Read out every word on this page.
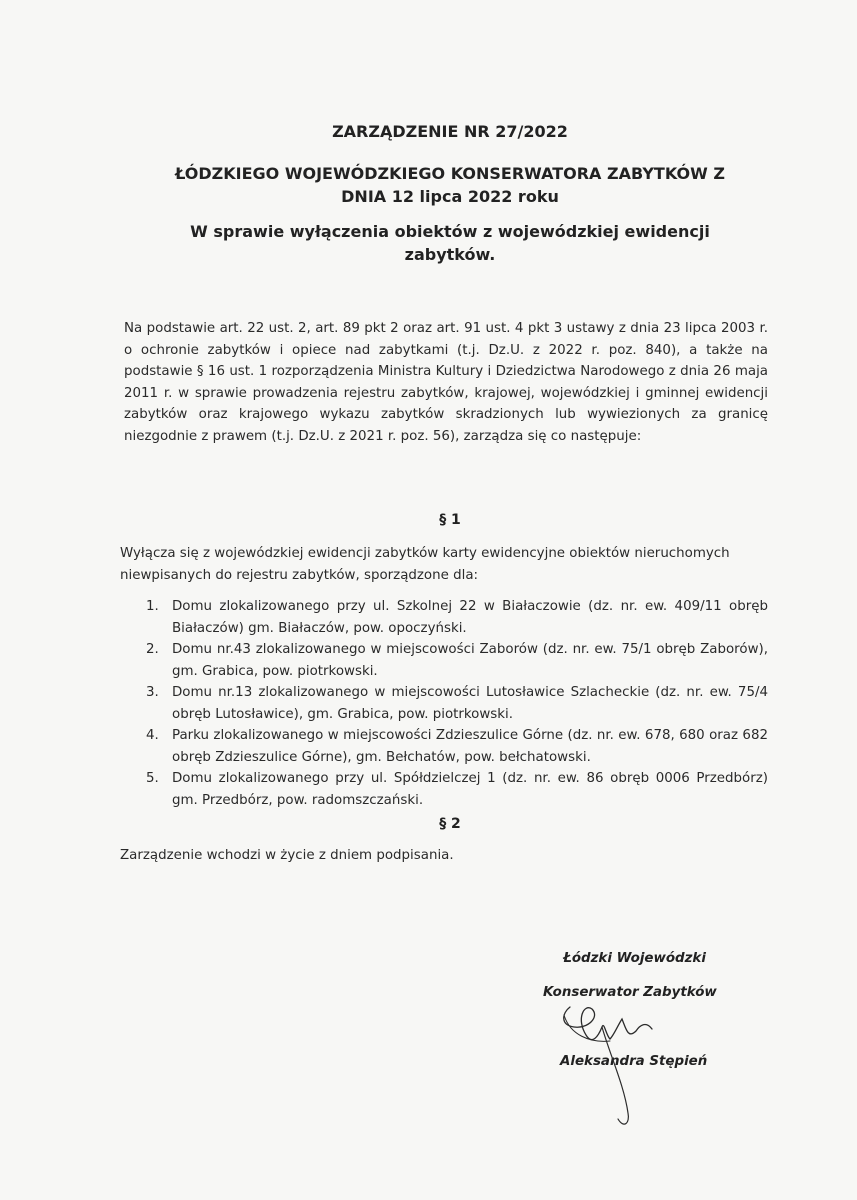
ZARZĄDZENIE NR 27/2022
ŁÓDZKIEGO WOJEWÓDZKIEGO KONSERWATORA ZABYTKÓW Z
DNIA 12 lipca 2022 roku
W sprawie wyłączenia obiektów z wojewódzkiej ewidencji
zabytków.
Na podstawie art. 22 ust. 2, art. 89 pkt 2 oraz art. 91 ust. 4 pkt 3 ustawy z dnia 23 lipca 2003 r. o ochronie zabytków i opiece nad zabytkami (t.j. Dz.U. z 2022 r. poz. 840), a także na podstawie § 16 ust. 1 rozporządzenia Ministra Kultury i Dziedzictwa Narodowego z dnia 26 maja 2011 r. w sprawie prowadzenia rejestru zabytków, krajowej, wojewódzkiej i gminnej ewidencji zabytków oraz krajowego wykazu zabytków skradzionych lub wywiezionych za granicę niezgodnie z prawem (t.j. Dz.U. z 2021 r. poz. 56), zarządza się co następuje:
§ 1
Wyłącza się z wojewódzkiej ewidencji zabytków karty ewidencyjne obiektów nieruchomych niewpisanych do rejestru zabytków, sporządzone dla:
1. Domu zlokalizowanego przy ul. Szkolnej 22 w Białaczowie (dz. nr. ew. 409/11 obręb Białaczów) gm. Białaczów, pow. opoczyński.
2. Domu nr.43 zlokalizowanego w miejscowości Zaborów (dz. nr. ew. 75/1 obręb Zaborów), gm. Grabica, pow. piotrkowski.
3. Domu nr.13 zlokalizowanego w miejscowości Lutosławice Szlacheckie (dz. nr. ew. 75/4 obręb Lutosławice), gm. Grabica, pow. piotrkowski.
4. Parku zlokalizowanego w miejscowości Zdzieszulice Górne (dz. nr. ew. 678, 680 oraz 682 obręb Zdzieszulice Górne), gm. Bełchatów, pow. bełchatowski.
5. Domu zlokalizowanego przy ul. Spółdzielczej 1 (dz. nr. ew. 86 obręb 0006 Przedbórz) gm. Przedbórz, pow. radomszczański.
§ 2
Zarządzenie wchodzi w życie z dniem podpisania.
Łódzki Wojewódzki
Konserwator Zabytków
Aleksandra Stępień
